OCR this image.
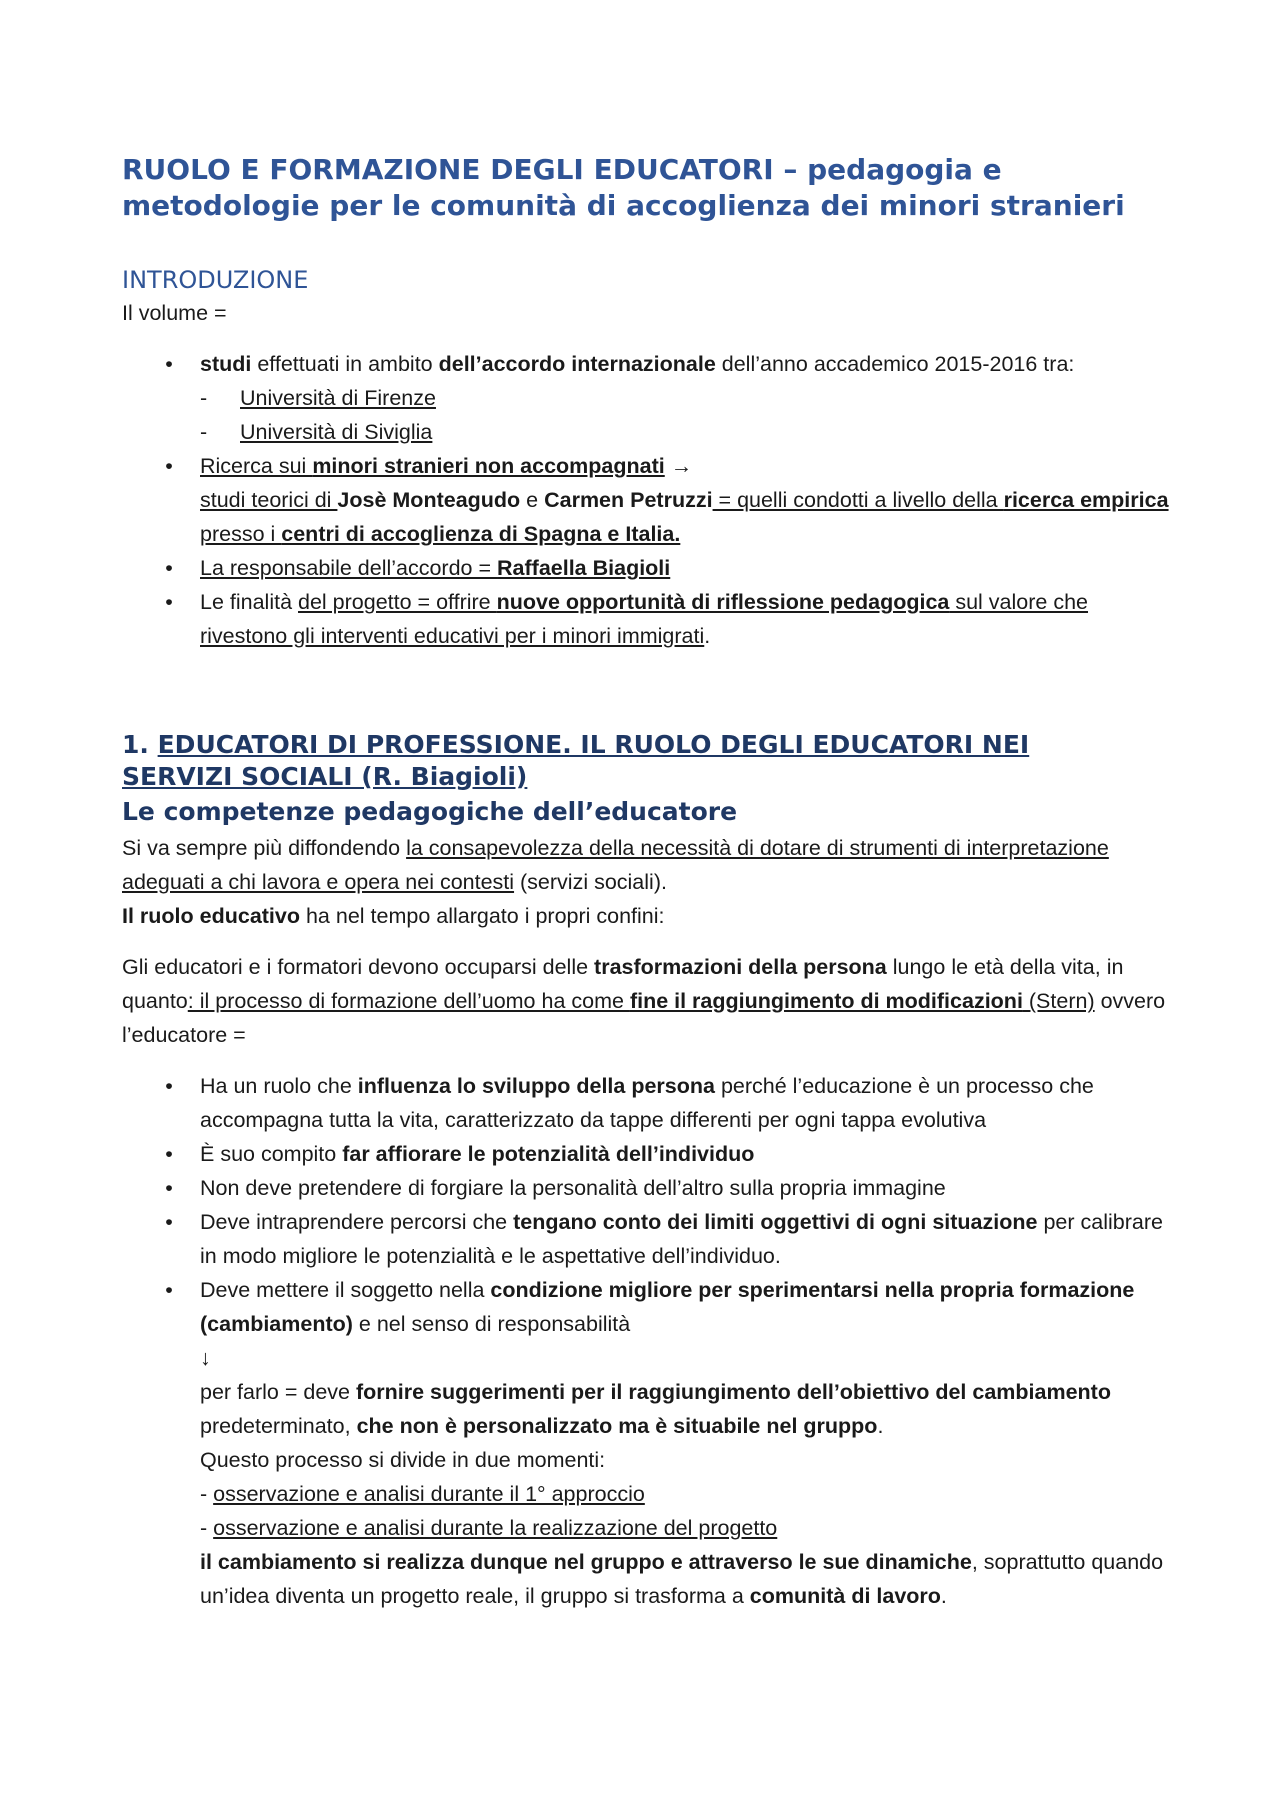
RUOLO E FORMAZIONE DEGLI EDUCATORI – pedagogia e
metodologie per le comunità di accoglienza dei minori stranieri
INTRODUZIONE

Il volume =

• studi effettuati in ambito dell’accordo internazionale dell’anno accademico 2015-2016 tra:
- Università di Firenze
- Università di Siviglia
• Ricerca sui minori stranieri non accompagnati →
studi teorici di Josè Monteagudo e Carmen Petruzzi = quelli condotti a livello della ricerca empirica presso i centri di accoglienza di Spagna e Italia.
• La responsabile dell’accordo = Raffaella Biagioli
• Le finalità del progetto = offrire nuove opportunità di riflessione pedagogica sul valore che rivestono gli interventi educativi per i minori immigrati.
1. EDUCATORI DI PROFESSIONE. IL RUOLO DEGLI EDUCATORI NEI
SERVIZI SOCIALI (R. Biagioli)
Le competenze pedagogiche dell’educatore

Si va sempre più diffondendo la consapevolezza della necessità di dotare di strumenti di interpretazione adeguati a chi lavora e opera nei contesti (servizi sociali).

Il ruolo educativo ha nel tempo allargato i propri confini:

Gli educatori e i formatori devono occuparsi delle trasformazioni della persona lungo le età della vita, in quanto: il processo di formazione dell’uomo ha come fine il raggiungimento di modificazioni (Stern) ovvero l’educatore =

• Ha un ruolo che influenza lo sviluppo della persona perché l’educazione è un processo che accompagna tutta la vita, caratterizzato da tappe differenti per ogni tappa evolutiva
• È suo compito far affiorare le potenzialità dell’individuo
• Non deve pretendere di forgiare la personalità dell’altro sulla propria immagine
• Deve intraprendere percorsi che tengano conto dei limiti oggettivi di ogni situazione per calibrare in modo migliore le potenzialità e le aspettative dell’individuo.
• Deve mettere il soggetto nella condizione migliore per sperimentarsi nella propria formazione (cambiamento) e nel senso di responsabilità
↓
per farlo = deve fornire suggerimenti per il raggiungimento dell’obiettivo del cambiamento predeterminato, che non è personalizzato ma è situabile nel gruppo.
Questo processo si divide in due momenti:
- osservazione e analisi durante il 1° approccio
- osservazione e analisi durante la realizzazione del progetto
il cambiamento si realizza dunque nel gruppo e attraverso le sue dinamiche, soprattutto quando un’idea diventa un progetto reale, il gruppo si trasforma a comunità di lavoro.
